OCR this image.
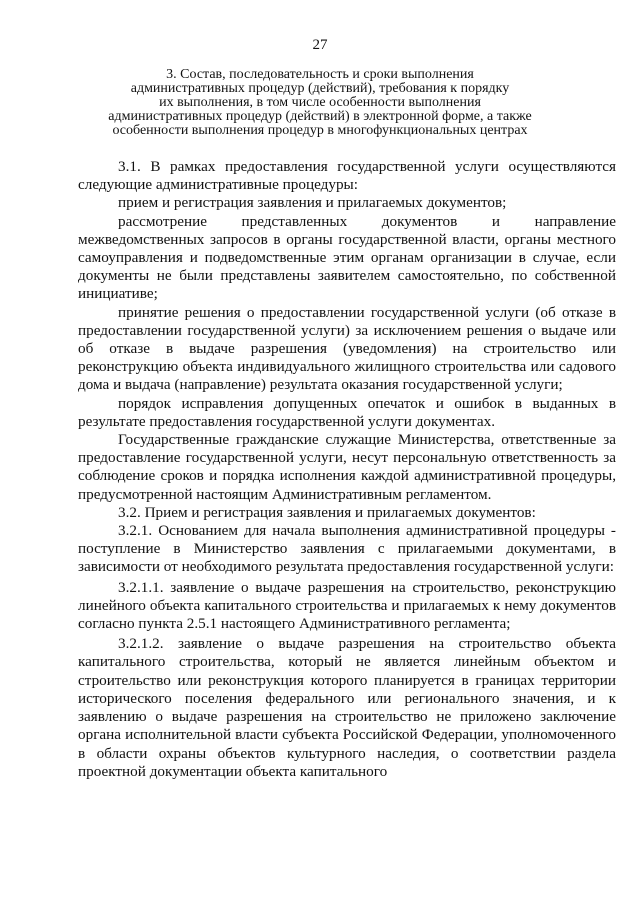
27
3. Состав, последовательность и сроки выполнения
административных процедур (действий), требования к порядку
их выполнения, в том числе особенности выполнения
административных процедур (действий) в электронной форме, а также
особенности выполнения процедур в многофункциональных центрах

3.1. В рамках предоставления государственной услуги осуществляются следующие административные процедуры:

прием и регистрация заявления и прилагаемых документов;

рассмотрение представленных документов и направление межведомственных запросов в органы государственной власти, органы местного самоуправления и подведомственные этим органам организации в случае, если документы не были представлены заявителем самостоятельно, по собственной инициативе;

принятие решения о предоставлении государственной услуги (об отказе в предоставлении государственной услуги) за исключением решения о выдаче или об отказе в выдаче разрешения (уведомления) на строительство или реконструкцию объекта индивидуального жилищного строительства или садового дома и выдача (направление) результата оказания государственной услуги;

порядок исправления допущенных опечаток и ошибок в выданных в результате предоставления государственной услуги документах.

Государственные гражданские служащие Министерства, ответственные за предоставление государственной услуги, несут персональную ответственность за соблюдение сроков и порядка исполнения каждой административной процедуры, предусмотренной настоящим Административным регламентом.

3.2. Прием и регистрация заявления и прилагаемых документов:

3.2.1. Основанием для начала выполнения административной процедуры - поступление в Министерство заявления с прилагаемыми документами, в зависимости от необходимого результата предоставления государственной услуги:

3.2.1.1. заявление о выдаче разрешения на строительство, реконструкцию линейного объекта капитального строительства и прилагаемых к нему документов согласно пункта 2.5.1 настоящего Административного регламента;

3.2.1.2. заявление о выдаче разрешения на строительство объекта капитального строительства, который не является линейным объектом и строительство или реконструкция которого планируется в границах территории исторического поселения федерального или регионального значения, и к заявлению о выдаче разрешения на строительство не приложено заключение органа исполнительной власти субъекта Российской Федерации, уполномоченного в области охраны объектов культурного наследия, о соответствии раздела проектной документации объекта капитального
